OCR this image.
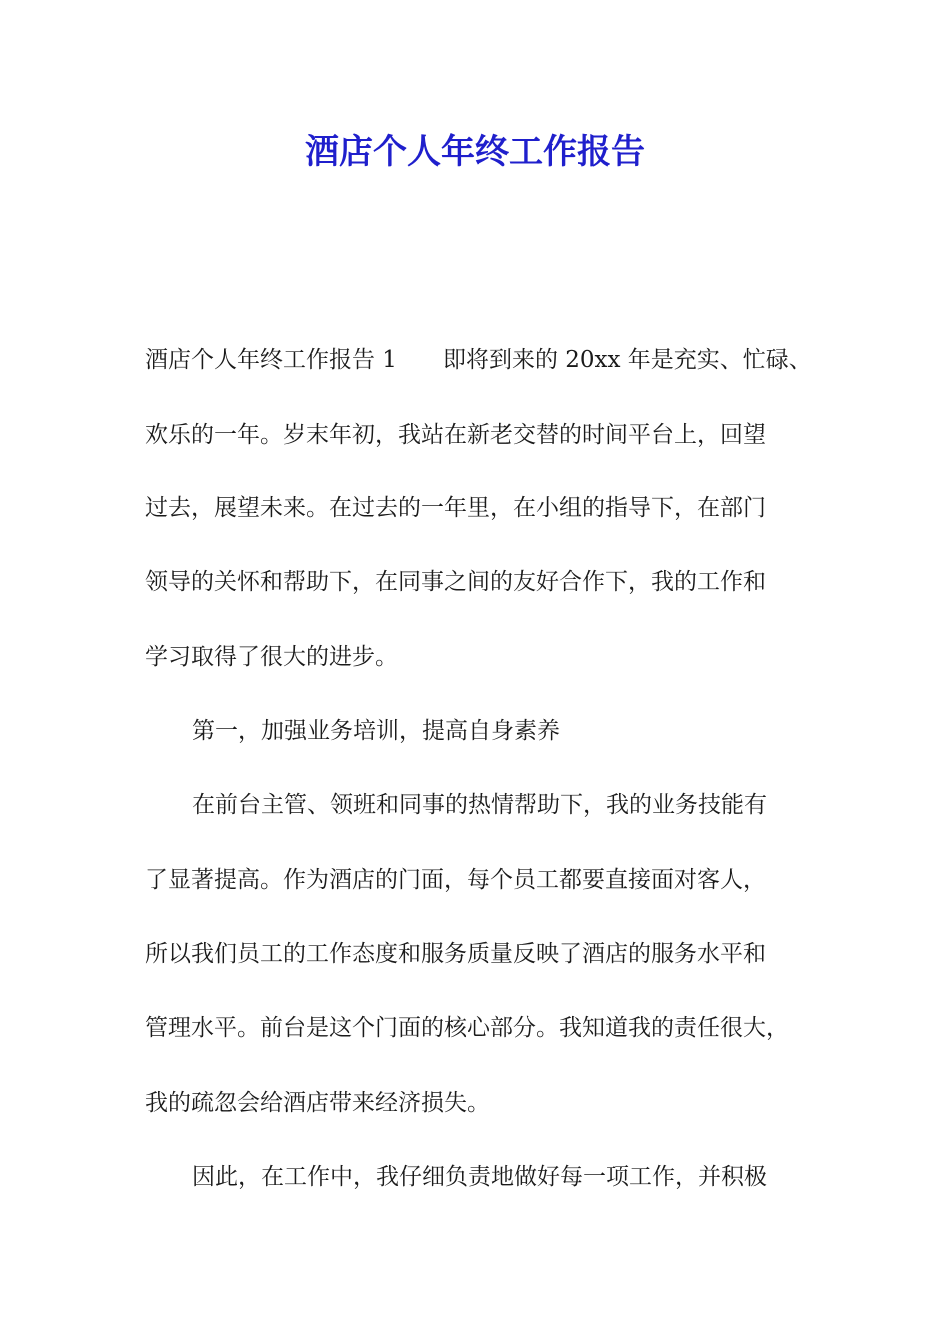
酒店个人年终工作报告

酒店个人年终工作报告 1　　即将到来的 20xx 年是充实、忙碌、

欢乐的一年。岁末年初，我站在新老交替的时间平台上，回望

过去，展望未来。在过去的一年里，在小组的指导下，在部门

领导的关怀和帮助下，在同事之间的友好合作下，我的工作和

学习取得了很大的进步。

第一，加强业务培训，提高自身素养

在前台主管、领班和同事的热情帮助下，我的业务技能有

了显著提高。作为酒店的门面，每个员工都要直接面对客人，

所以我们员工的工作态度和服务质量反映了酒店的服务水平和

管理水平。前台是这个门面的核心部分。我知道我的责任很大，

我的疏忽会给酒店带来经济损失。

因此，在工作中，我仔细负责地做好每一项工作，并积极
